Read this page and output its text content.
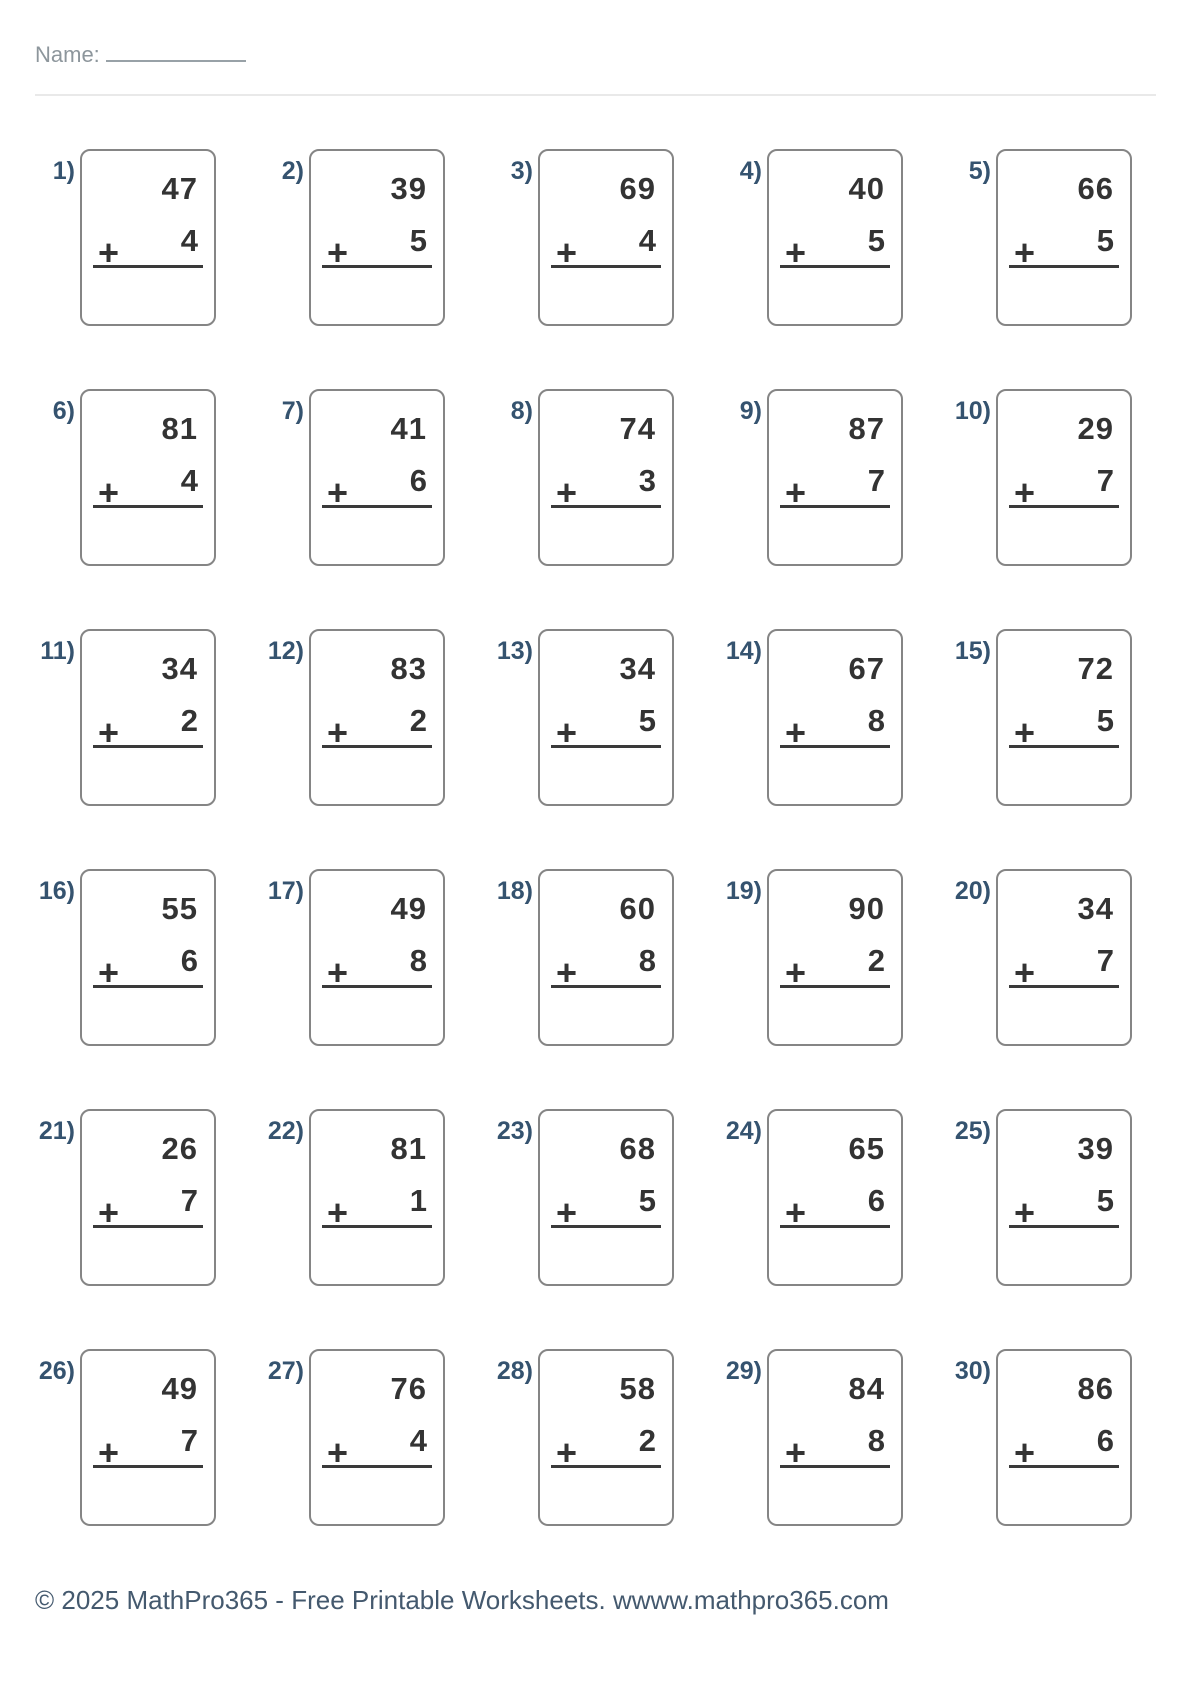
Name:
1)	47
+ 4
2)	39
+ 5
3)	69
+ 4
4)	40
+ 5
5)	66
+ 5
6)	81
+ 4
7)	41
+ 6
8)	74
+ 3
9)	87
+ 7
10)	29
+ 7
11)	34
+ 2
12)	83
+ 2
13)	34
+ 5
14)	67
+ 8
15)	72
+ 5
16)	55
+ 6
17)	49
+ 8
18)	60
+ 8
19)	90
+ 2
20)	34
+ 7
21)	26
+ 7
22)	81
+ 1
23)	68
+ 5
24)	65
+ 6
25)	39
+ 5
26)	49
+ 7
27)	76
+ 4
28)	58
+ 2
29)	84
+ 8
30)	86
+ 6
© 2025 MathPro365 - Free Printable Worksheets. wwww.mathpro365.com
